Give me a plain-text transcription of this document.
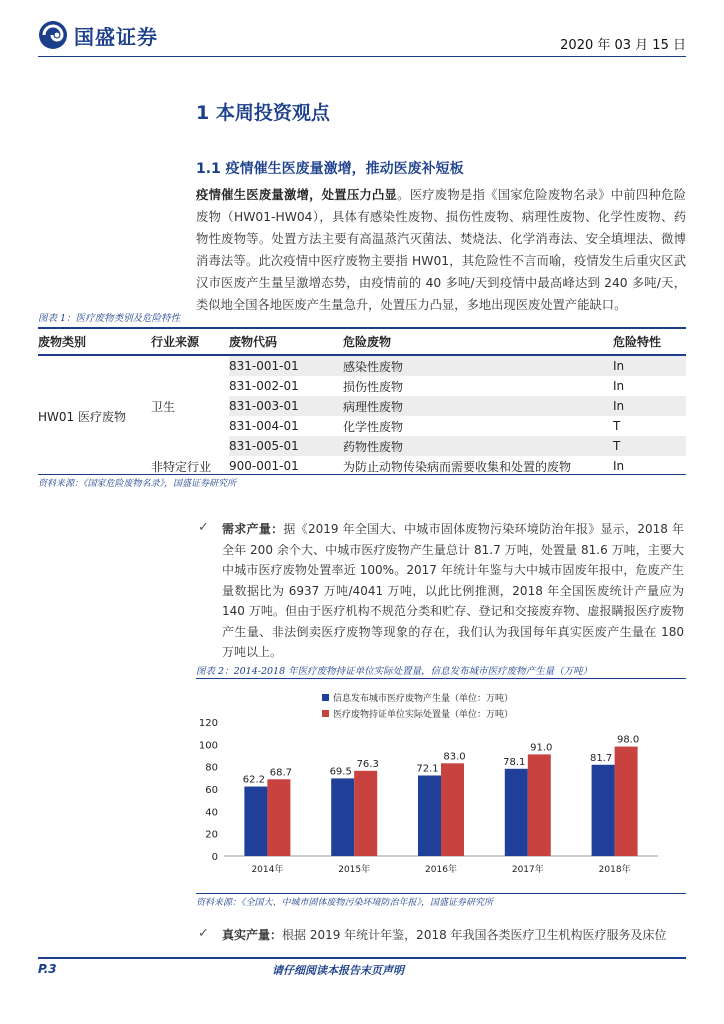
国盛证券	2020 年 03 月 15 日
1 本周投资观点
1.1 疫情催生医废量激增，推动医废补短板
疫情催生医废量激增，处置压力凸显。医疗废物是指《国家危险废物名录》中前四种危险废物（HW01-HW04），具体有感染性废物、损伤性废物、病理性废物、化学性废物、药物性废物等。处置方法主要有高温蒸汽灭菌法、焚烧法、化学消毒法、安全填埋法、微博消毒法等。此次疫情中医疗废物主要指 HW01，其危险性不言而喻，疫情发生后重灾区武汉市医废产生量呈激增态势，由疫情前的 40 多吨/天到疫情中最高峰达到 240 多吨/天，类似地全国各地医废产生量急升，处置压力凸显，多地出现医废处置产能缺口。
图表 1：医疗废物类别及危险特性
废物类别	行业来源	废物代码	危险废物	危险特性
HW01 医疗废物	卫生	831-001-01	感染性废物	In
		831-002-01	损伤性废物	In
		831-003-01	病理性废物	In
		831-004-01	化学性废物	T
		831-005-01	药物性废物	T
	非特定行业	900-001-01	为防止动物传染病而需要收集和处置的废物	In
资料来源：《国家危险废物名录》，国盛证券研究所
✓ 需求产量：据《2019 年全国大、中城市固体废物污染环境防治年报》显示，2018 年全年 200 余个大、中城市医疗废物产生量总计 81.7 万吨，处置量 81.6 万吨，主要大中城市医疗废物处置率近 100%。2017 年统计年鉴与大中城市固废年报中，危废产生量数据比为 6937 万吨/4041 万吨，以此比例推测，2018 年全国医废统计产量应为 140 万吨。但由于医疗机构不规范分类和贮存、登记和交接废弃物、虚报瞒报医疗废物产生量、非法倒卖医疗废物等现象的存在，我们认为我国每年真实医废产生量在 180 万吨以上。
图表 2：2014-2018 年医疗废物持证单位实际处置量，信息发布城市医疗废物产生量（万吨）
0
20
40
60
80
100
120
62.2
68.7
2014年
69.5
76.3
2015年
72.1
83.0
2016年
78.1
91.0
2017年
81.7
98.0
2018年
信息发布城市医疗废物产生量（单位：万吨）
医疗废物持证单位实际处置量（单位：万吨）
资料来源：《全国大、中城市固体废物污染环境防治年报》，国盛证券研究所
✓ 真实产量：根据 2019 年统计年鉴，2018 年我国各类医疗卫生机构医疗服务及床位
P.3	请仔细阅读本报告末页声明
